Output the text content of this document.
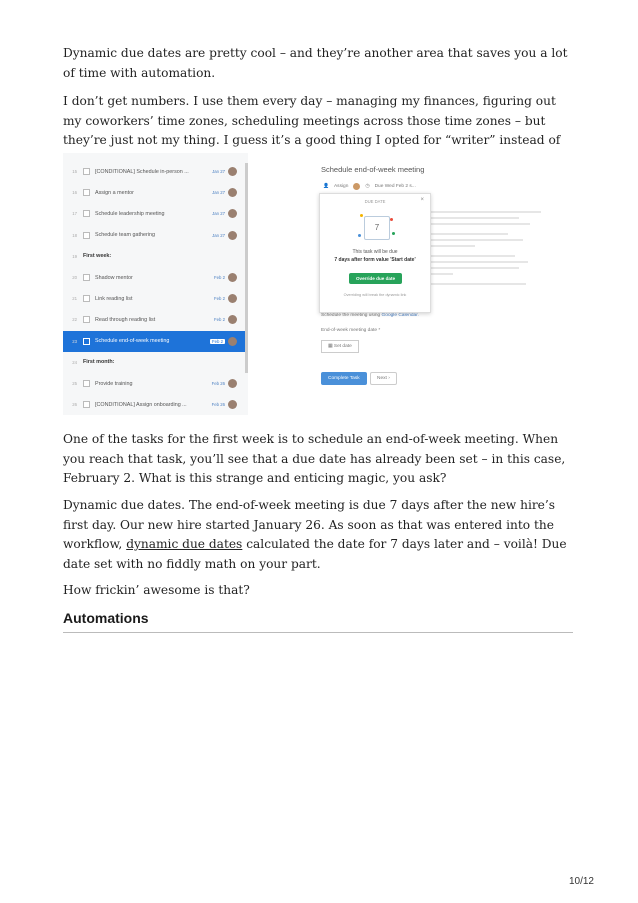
Dynamic due dates are pretty cool – and they’re another area that saves you a lot of time with automation.

I don’t get numbers. I use them every day – managing my finances, figuring out my coworkers’ time zones, scheduling meetings across those time zones – but they’re just not my thing. I guess it’s a good thing I opted for “writer” instead of

15	[CONDITIONAL] Schedule in-person ...	Jan 27
16	Assign a mentor	Jan 27
17	Schedule leadership meeting	Jan 27
18	Schedule team gathering	Jan 27
19 First week:
20	Shadow mentor	Feb 2
21	Link reading list	Feb 2
22	Read through reading list	Feb 2
23	Schedule end-of-week meeting	Feb 2
24 First month:
25	Provide training	Feb 26
26	[CONDITIONAL] Assign onboarding ...	Feb 26
Schedule end-of-week meeting
👤 Assign	◷ Due Wed Feb 2 s...
Schedule the meeting using Google Calendar.
End-of-week meeting date *
▦ Set date
Complete Task	Next ›
DUE DATE	×
7
This task will be due
7 days after form value 'Start date'
Override due date
Overriding will break the dynamic link

One of the tasks for the first week is to schedule an end-of-week meeting. When you reach that task, you’ll see that a due date has already been set – in this case, February 2. What is this strange and enticing magic, you ask?

Dynamic due dates. The end-of-week meeting is due 7 days after the new hire’s first day. Our new hire started January 26. As soon as that was entered into the workflow, dynamic due dates calculated the date for 7 days later and – voilà! Due date set with no fiddly math on your part.

How frickin’ awesome is that?

Automations
10/12
